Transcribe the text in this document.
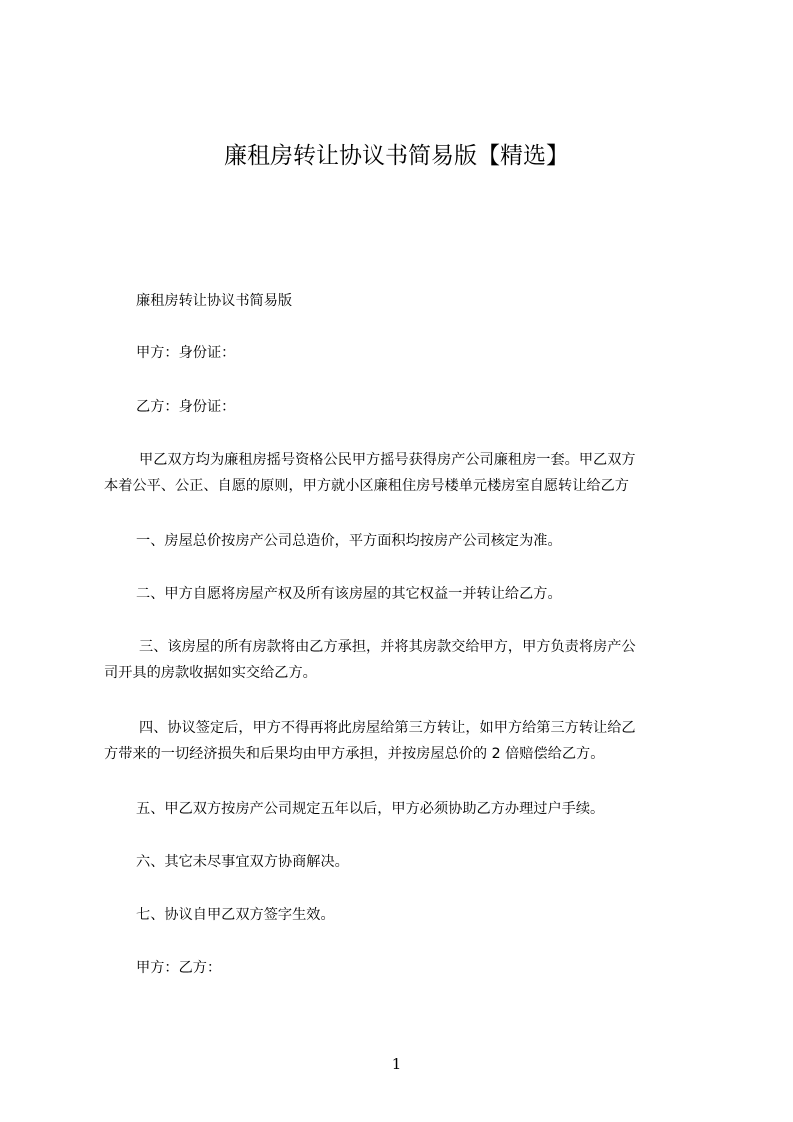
廉租房转让协议书简易版【精选】
廉租房转让协议书简易版
甲方：身份证：
乙方：身份证：
甲乙双方均为廉租房摇号资格公民甲方摇号获得房产公司廉租房一套。甲乙双方
本着公平、公正、自愿的原则，甲方就小区廉租住房号楼单元楼房室自愿转让给乙方
一、房屋总价按房产公司总造价，平方面积均按房产公司核定为准。
二、甲方自愿将房屋产权及所有该房屋的其它权益一并转让给乙方。
三、该房屋的所有房款将由乙方承担，并将其房款交给甲方，甲方负责将房产公
司开具的房款收据如实交给乙方。
四、协议签定后，甲方不得再将此房屋给第三方转让，如甲方给第三方转让给乙
方带来的一切经济损失和后果均由甲方承担，并按房屋总价的 2 倍赔偿给乙方。
五、甲乙双方按房产公司规定五年以后，甲方必须协助乙方办理过户手续。
六、其它未尽事宜双方协商解决。
七、协议自甲乙双方签字生效。
甲方：乙方：
1
